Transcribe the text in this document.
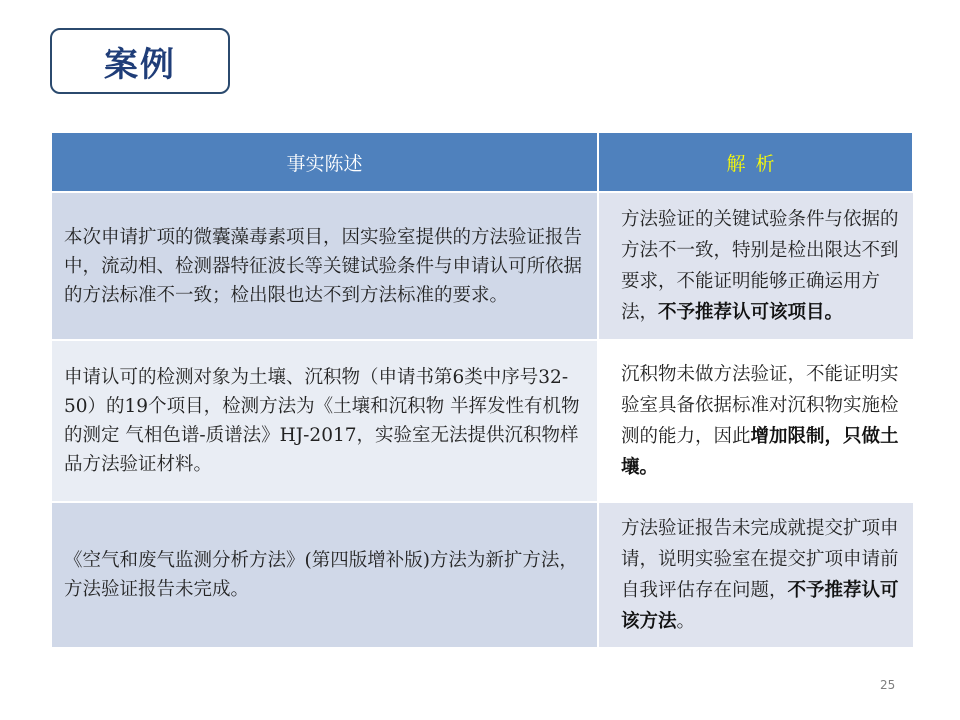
案例
事实陈述	解析
本次申请扩项的微囊藻毒素项目，因实验室提供的方法验证报告中，流动相、检测器特征波长等关键试验条件与申请认可所依据的方法标准不一致；检出限也达不到方法标准的要求。	方法验证的关键试验条件与依据的方法不一致，特别是检出限达不到要求，不能证明能够正确运用方法，不予推荐认可该项目。
申请认可的检测对象为土壤、沉积物（申请书第6类中序号32-50）的19个项目，检测方法为《土壤和沉积物 半挥发性有机物的测定 气相色谱-质谱法》HJ-2017，实验室无法提供沉积物样品方法验证材料。	沉积物未做方法验证，不能证明实验室具备依据标准对沉积物实施检测的能力，因此增加限制，只做土壤。
《空气和废气监测分析方法》(第四版增补版)方法为新扩方法，方法验证报告未完成。	方法验证报告未完成就提交扩项申请，说明实验室在提交扩项申请前自我评估存在问题，不予推荐认可该方法。
25
